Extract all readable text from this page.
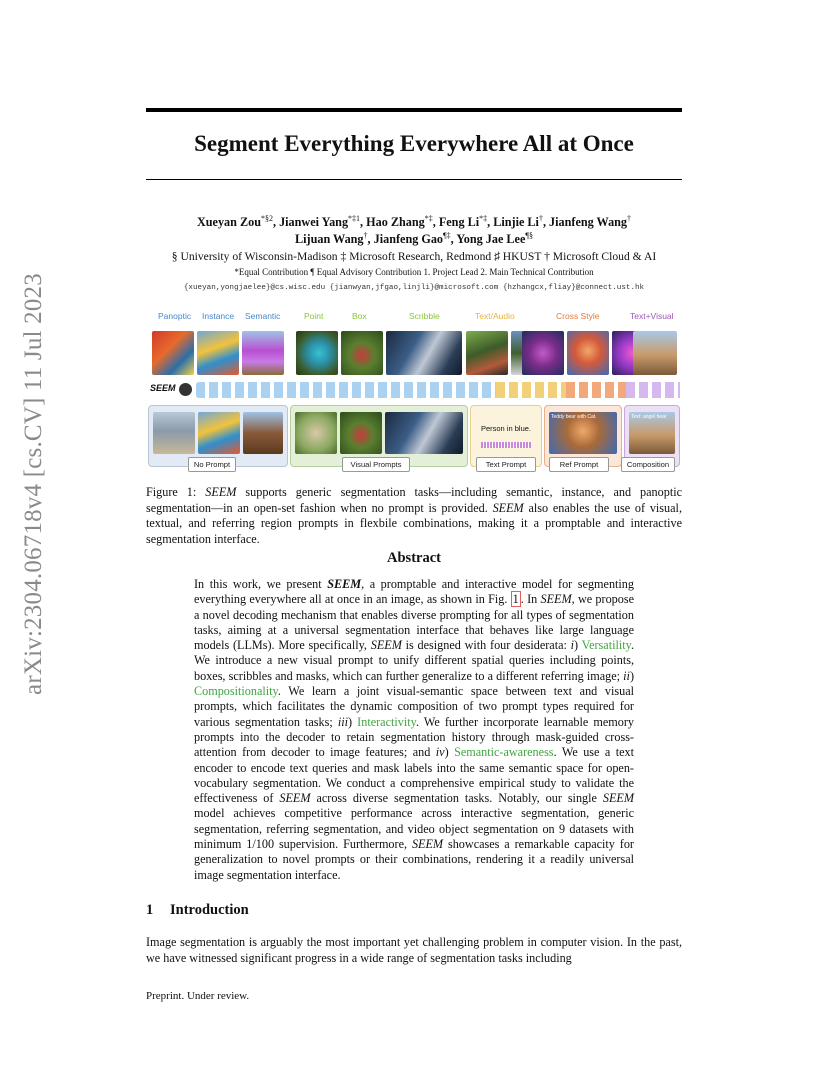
arXiv:2304.06718v4 [cs.CV] 11 Jul 2023
Segment Everything Everywhere All at Once
Xueyan Zou$^{*\S 2}$, Jianwei Yang$^{*\ddagger 1}$, Hao Zhang*‡, Feng Li*‡, Linjie Li†, Jianfeng Wang†
Lijuan Wang†, Jianfeng Gao¶‡, Yong Jae Lee¶§
§ University of Wisconsin-Madison ‡ Microsoft Research, Redmond ♯ HKUST † Microsoft Cloud & AI
*Equal Contribution ¶ Equal Advisory Contribution 1. Project Lead 2. Main Technical Contribution
{xueyan,yongjaelee}@cs.wisc.edu {jianwyan,jfgao,linjli}@microsoft.com {hzhangcx,fliay}@connect.ust.hk
Panoptic Instance Semantic	Point	Box	Scribble	Text/Audio	Cross Style	Text+Visual
SEEM
Person in blue.
Teddy bear with Cat.	Text: angel bear
No Prompt	Visual Prompts	Text Prompt	Ref Prompt	Composition
Figure 1: SEEM supports generic segmentation tasks—including semantic, instance, and panoptic segmentation—in an open-set fashion when no prompt is provided. SEEM also enables the use of visual, textual, and referring region prompts in flexbile combinations, making it a promptable and interactive segmentation interface.
Abstract
In this work, we present SEEM, a promptable and interactive model for segmenting everything everywhere all at once in an image, as shown in Fig. 1 . In SEEM, we propose a novel decoding mechanism that enables diverse prompting for all types of segmentation tasks, aiming at a universal segmentation interface that behaves like large language models (LLMs). More specifically, SEEM is designed with four desiderata: i) Versatility. We introduce a new visual prompt to unify different spatial queries including points, boxes, scribbles and masks, which can further generalize to a different referring image; ii) Compositionality. We learn a joint visual-semantic space between text and visual prompts, which facilitates the dynamic composition of two prompt types required for various segmentation tasks; iii) Interactivity. We further incorporate learnable memory prompts into the decoder to retain segmentation history through mask-guided cross-attention from decoder to image features; and iv) Semantic-awareness. We use a text encoder to encode text queries and mask labels into the same semantic space for open-vocabulary segmentation. We conduct a comprehensive empirical study to validate the effectiveness of SEEM across diverse segmentation tasks. Notably, our single SEEM model achieves competitive performance across interactive segmentation, generic segmentation, referring segmentation, and video object segmentation on 9 datasets with minimum 1/100 supervision. Furthermore, SEEM showcases a remarkable capacity for generalization to novel prompts or their combinations, rendering it a readily universal image segmentation interface.
1 Introduction
Image segmentation is arguably the most important yet challenging problem in computer vision. In the past, we have witnessed significant progress in a wide range of segmentation tasks including
Preprint. Under review.
